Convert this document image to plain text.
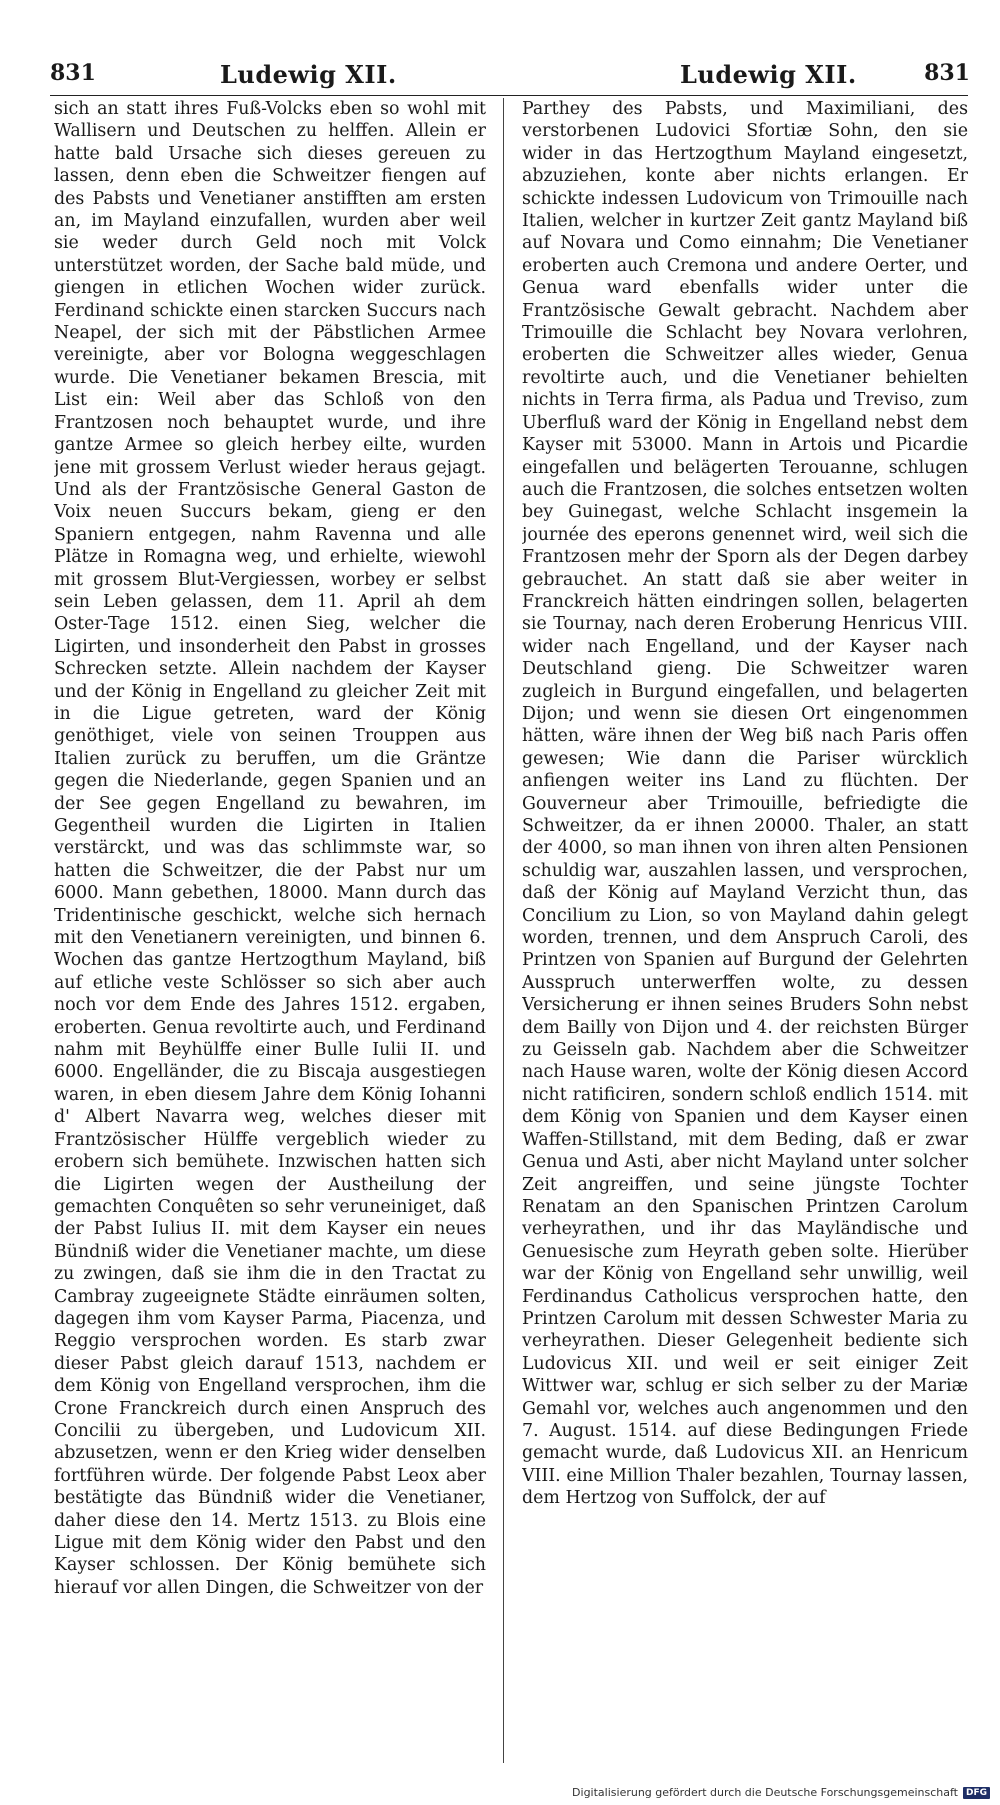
831	Ludewig XII.	Ludewig XII.	831

sich an statt ihres Fuß-Volcks eben so wohl mit Wallisern und Deutschen zu helffen. Allein er hatte bald Ursache sich dieses gereuen zu lassen, denn eben die Schweitzer fiengen auf des Pabsts und Venetianer anstifften am ersten an, im Mayland einzufallen, wurden aber weil sie weder durch Geld noch mit Volck unterstützet worden, der Sache bald müde, und giengen in etlichen Wochen wider zurück. Ferdinand schickte einen starcken Succurs nach Neapel, der sich mit der Päbstlichen Armee vereinigte, aber vor Bologna weggeschlagen wurde. Die Venetianer bekamen Brescia, mit List ein: Weil aber das Schloß von den Frantzosen noch behauptet wurde, und ihre gantze Armee so gleich herbey eilte, wurden jene mit grossem Verlust wieder heraus gejagt. Und als der Frantzösische General Gaston de Voix neuen Succurs bekam, gieng er den Spaniern entgegen, nahm Ravenna und alle Plätze in Romagna weg, und erhielte, wiewohl mit grossem Blut-Vergiessen, worbey er selbst sein Leben gelassen, dem 11. April ah dem Oster-Tage 1512. einen Sieg, welcher die Ligirten, und insonderheit den Pabst in grosses Schrecken setzte. Allein nachdem der Kayser und der König in Engelland zu gleicher Zeit mit in die Ligue getreten, ward der König genöthiget, viele von seinen Trouppen aus Italien zurück zu beruffen, um die Gräntze gegen die Niederlande, gegen Spanien und an der See gegen Engelland zu bewahren, im Gegentheil wurden die Ligirten in Italien verstärckt, und was das schlimmste war, so hatten die Schweitzer, die der Pabst nur um 6000. Mann gebethen, 18000. Mann durch das Tridentinische geschickt, welche sich hernach mit den Venetianern vereinigten, und binnen 6. Wochen das gantze Hertzogthum Mayland, biß auf etliche veste Schlösser so sich aber auch noch vor dem Ende des Jahres 1512. ergaben, eroberten. Genua revoltirte auch, und Ferdinand nahm mit Beyhülffe einer Bulle Iulii II. und 6000. Engelländer, die zu Biscaja ausgestiegen waren, in eben diesem Jahre dem König Iohanni d' Albert Navarra weg, welches dieser mit Frantzösischer Hülffe vergeblich wieder zu erobern sich bemühete. Inzwischen hatten sich die Ligirten wegen der Austheilung der gemachten Conquêten so sehr veruneiniget, daß der Pabst Iulius II. mit dem Kayser ein neues Bündniß wider die Venetianer machte, um diese zu zwingen, daß sie ihm die in den Tractat zu Cambray zugeeignete Städte einräumen solten, dagegen ihm vom Kayser Parma, Piacenza, und Reggio versprochen worden. Es starb zwar dieser Pabst gleich darauf 1513, nachdem er dem König von Engelland versprochen, ihm die Crone Franckreich durch einen Anspruch des Concilii zu übergeben, und Ludovicum XII. abzusetzen, wenn er den Krieg wider denselben fortführen würde. Der folgende Pabst Leox aber bestätigte das Bündniß wider die Venetianer, daher diese den 14. Mertz 1513. zu Blois eine Ligue mit dem König wider den Pabst und den Kayser schlossen. Der König bemühete sich hierauf vor allen Dingen, die Schweitzer von der

Parthey des Pabsts, und Maximiliani, des verstorbenen Ludovici Sfortiæ Sohn, den sie wider in das Hertzogthum Mayland eingesetzt, abzuziehen, konte aber nichts erlangen. Er schickte indessen Ludovicum von Trimouille nach Italien, welcher in kurtzer Zeit gantz Mayland biß auf Novara und Como einnahm; Die Venetianer eroberten auch Cremona und andere Oerter, und Genua ward ebenfalls wider unter die Frantzösische Gewalt gebracht. Nachdem aber Trimouille die Schlacht bey Novara verlohren, eroberten die Schweitzer alles wieder, Genua revoltirte auch, und die Venetianer behielten nichts in Terra firma, als Padua und Treviso, zum Uberfluß ward der König in Engelland nebst dem Kayser mit 53000. Mann in Artois und Picardie eingefallen und belägerten Terouanne, schlugen auch die Frantzosen, die solches entsetzen wolten bey Guinegast, welche Schlacht insgemein la journée des eperons genennet wird, weil sich die Frantzosen mehr der Sporn als der Degen darbey gebrauchet. An statt daß sie aber weiter in Franckreich hätten eindringen sollen, belagerten sie Tournay, nach deren Eroberung Henricus VIII. wider nach Engelland, und der Kayser nach Deutschland gieng. Die Schweitzer waren zugleich in Burgund eingefallen, und belagerten Dijon; und wenn sie diesen Ort eingenommen hätten, wäre ihnen der Weg biß nach Paris offen gewesen; Wie dann die Pariser würcklich anfiengen weiter ins Land zu flüchten. Der Gouverneur aber Trimouille, befriedigte die Schweitzer, da er ihnen 20000. Thaler, an statt der 4000, so man ihnen von ihren alten Pensionen schuldig war, auszahlen lassen, und versprochen, daß der König auf Mayland Verzicht thun, das Concilium zu Lion, so von Mayland dahin gelegt worden, trennen, und dem Anspruch Caroli, des Printzen von Spanien auf Burgund der Gelehrten Ausspruch unterwerffen wolte, zu dessen Versicherung er ihnen seines Bruders Sohn nebst dem Bailly von Dijon und 4. der reichsten Bürger zu Geisseln gab. Nachdem aber die Schweitzer nach Hause waren, wolte der König diesen Accord nicht ratificiren, sondern schloß endlich 1514. mit dem König von Spanien und dem Kayser einen Waffen-Stillstand, mit dem Beding, daß er zwar Genua und Asti, aber nicht Mayland unter solcher Zeit angreiffen, und seine jüngste Tochter Renatam an den Spanischen Printzen Carolum verheyrathen, und ihr das Mayländische und Genuesische zum Heyrath geben solte. Hierüber war der König von Engelland sehr unwillig, weil Ferdinandus Catholicus versprochen hatte, den Printzen Carolum mit dessen Schwester Maria zu verheyrathen. Dieser Gelegenheit bediente sich Ludovicus XII. und weil er seit einiger Zeit Wittwer war, schlug er sich selber zu der Mariæ Gemahl vor, welches auch angenommen und den 7. August. 1514. auf diese Bedingungen Friede gemacht wurde, daß Ludovicus XII. an Henricum VIII. eine Million Thaler bezahlen, Tournay lassen, dem Hertzog von Suffolck, der auf

Digitalisierung gefördert durch die Deutsche Forschungsgemeinschaft DFG
